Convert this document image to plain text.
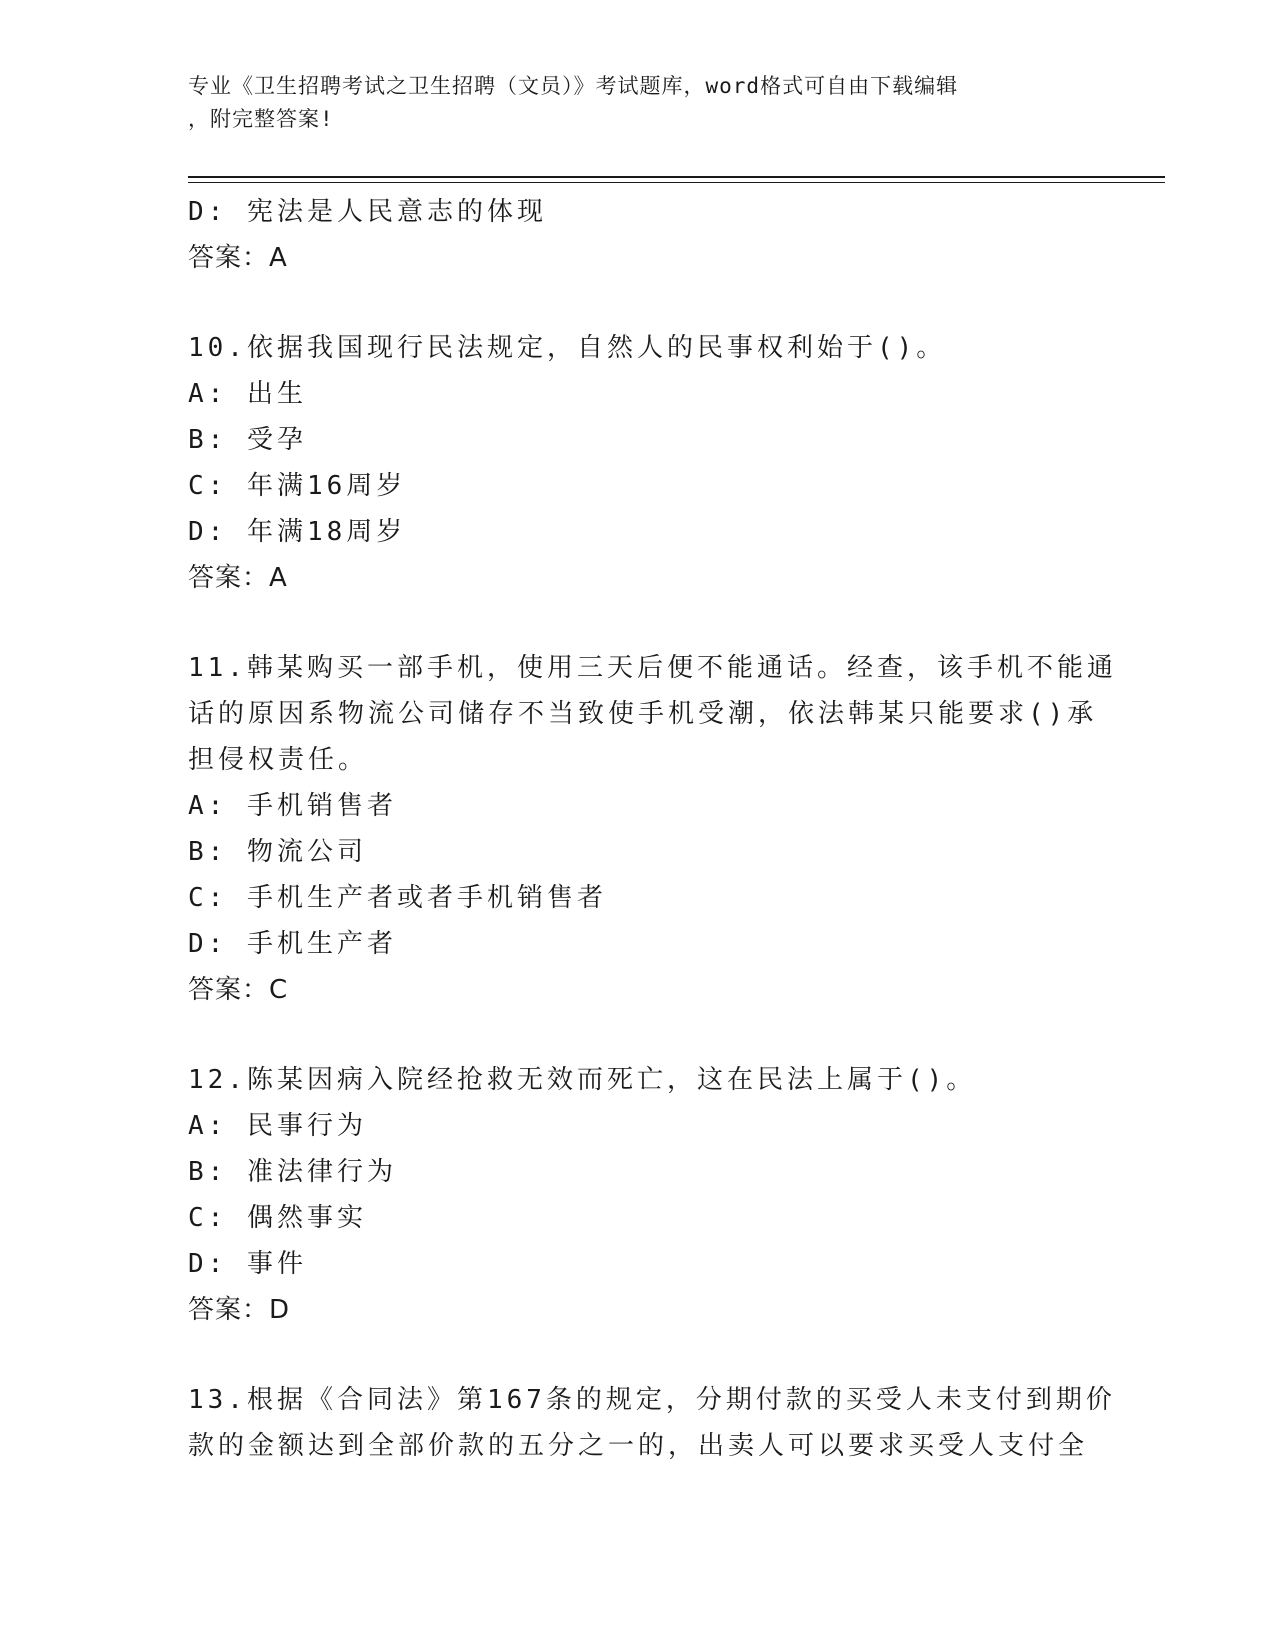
专业《卫生招聘考试之卫生招聘（文员）》考试题库，word格式可自由下载编辑
，附完整答案!
D: 宪法是人民意志的体现
答案：A
10.依据我国现行民法规定，自然人的民事权利始于()。
A: 出生
B: 受孕
C: 年满16周岁
D: 年满18周岁
答案：A
11.韩某购买一部手机，使用三天后便不能通话。经查，该手机不能通
话的原因系物流公司储存不当致使手机受潮，依法韩某只能要求()承
担侵权责任。
A: 手机销售者
B: 物流公司
C: 手机生产者或者手机销售者
D: 手机生产者
答案：C
12.陈某因病入院经抢救无效而死亡，这在民法上属于()。
A: 民事行为
B: 准法律行为
C: 偶然事实
D: 事件
答案：D
13.根据《合同法》第167条的规定，分期付款的买受人未支付到期价
款的金额达到全部价款的五分之一的，出卖人可以要求买受人支付全
